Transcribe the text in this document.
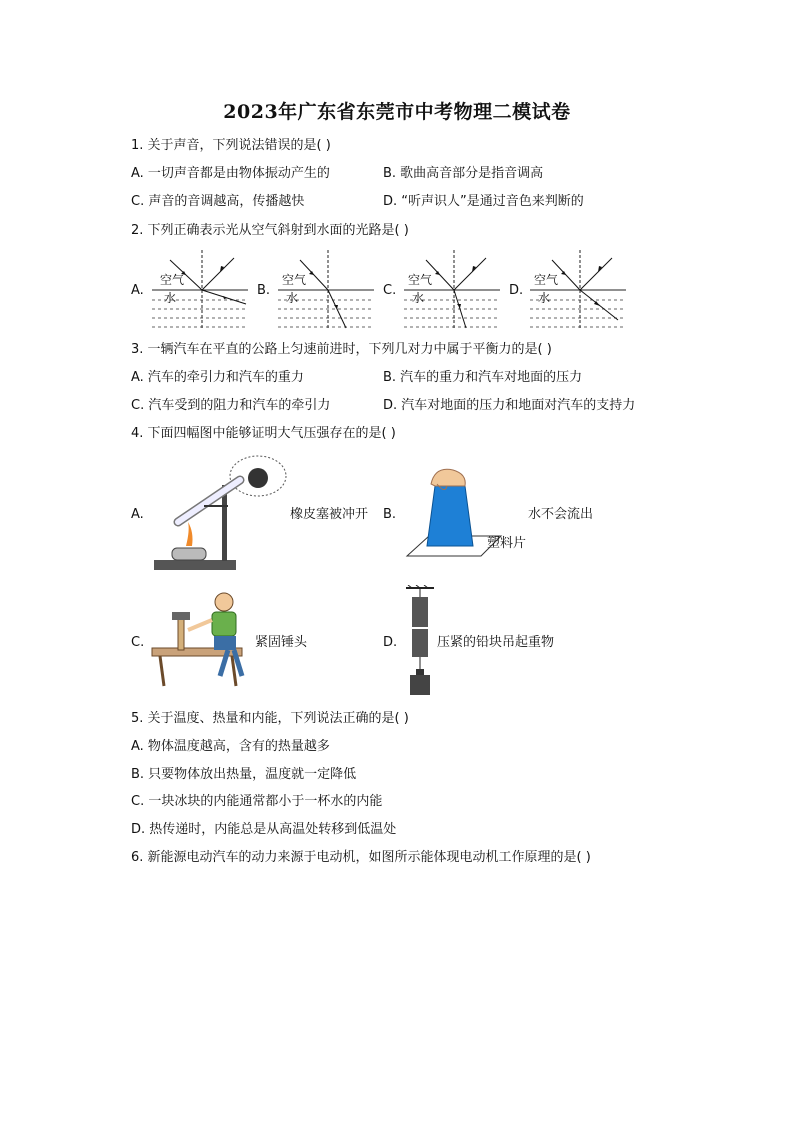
2023年广东省东莞市中考物理二模试卷
1. 关于声音，下列说法错误的是( )
A. 一切声音都是由物体振动产生的	B. 歌曲高音部分是指音调高
C. 声音的音调越高，传播越快	D. “听声识人”是通过音色来判断的
2. 下列正确表示光从空气斜射到水面的光路是( )
A.
空气
水	B.
空气
水	C.
空气
水	D.
空气
水
3. 一辆汽车在平直的公路上匀速前进时，下列几对力中属于平衡力的是( )
A. 汽车的牵引力和汽车的重力	B. 汽车的重力和汽车对地面的压力
C. 汽车受到的阻力和汽车的牵引力	D. 汽车对地面的压力和地面对汽车的支持力
4. 下面四幅图中能够证明大气压强存在的是( )
A.	橡皮塞被冲开 B.	水不会流出
塑料片
C.	紧固锤头	D.	压紧的铅块吊起重物
5. 关于温度、热量和内能，下列说法正确的是( )
A. 物体温度越高，含有的热量越多
B. 只要物体放出热量，温度就一定降低
C. 一块冰块的内能通常都小于一杯水的内能
D. 热传递时，内能总是从高温处转移到低温处
6. 新能源电动汽车的动力来源于电动机，如图所示能体现电动机工作原理的是( )
